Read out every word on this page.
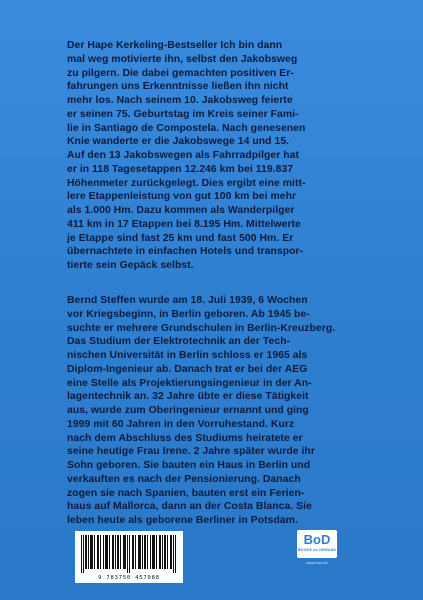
Der Hape Kerkeling-Bestseller Ich bin dann
mal weg motivierte ihn, selbst den Jakobsweg
zu pilgern. Die dabei gemachten positiven Er-
fahrungen uns Erkenntnisse ließen ihn nicht
mehr los. Nach seinem 10. Jakobsweg feierte
er seinen 75. Geburtstag im Kreis seiner Fami-
lie in Santiago de Compostela. Nach genesenen
Knie wanderte er die Jakobswege 14 und 15.
Auf den 13 Jakobswegen als Fahrradpilger hat
er in 118 Tagesetappen 12.246 km bei 119.837
Höhenmeter zurückgelegt. Dies ergibt eine mitt-
lere Etappenleistung von gut 100 km bei mehr
als 1.000 Hm. Dazu kommen als Wanderpilger
411 km in 17 Etappen bei 8.195 Hm. Mittelwerte
je Etappe sind fast 25 km und fast 500 Hm. Er
übernachtete in einfachen Hotels und transpor-
tierte sein Gepäck selbst.

Bernd Steffen wurde am 18. Juli 1939, 6 Wochen
vor Kriegsbeginn, in Berlin geboren. Ab 1945 be-
suchte er mehrere Grundschulen in Berlin-Kreuzberg.
Das Studium der Elektrotechnik an der Tech-
nischen Universität in Berlin schloss er 1965 als
Diplom-Ingenieur ab. Danach trat er bei der AEG
eine Stelle als Projektierungsingenieur in der An-
lagentechnik an. 32 Jahre übte er diese Tätigkeit
aus, wurde zum Oberingenieur ernannt und ging
1999 mit 60 Jahren in den Vorruhestand. Kurz
nach dem Abschluss des Studiums heiratete er
seine heutige Frau Irene. 2 Jahre später wurde ihr
Sohn geboren. Sie bauten ein Haus in Berlin und
verkauften es nach der Pensionierung. Danach
zogen sie nach Spanien, bauten erst ein Ferien-
haus auf Mallorca, dann an der Costa Blanca. Sie
leben heute als geborene Berliner in Potsdam.

9 783750 457088
BoD
BOOKS on DEMAND
www.bod.de
